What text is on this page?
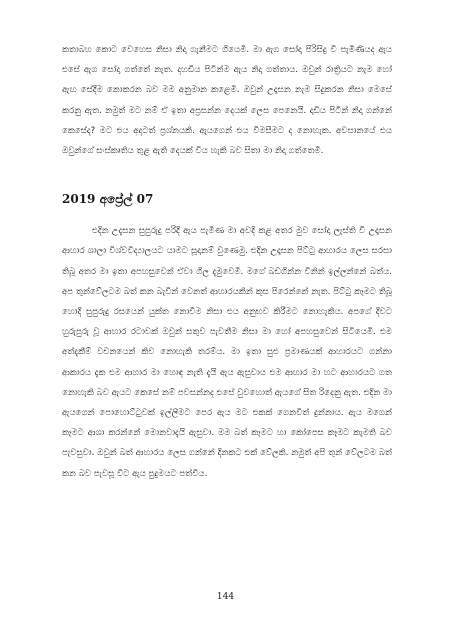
කතාබහ කොට වෙහෙස නිසා නිදා ගැනීමට ගියෙමි. මා ඇග සෝදා පිරිසිදු වී පැමිණියද ඇය එසේ ඇග සෝදා ගත්තේ නැත. දහඩිය පිටින්ම ඇය නිදා ගත්තාය. ඔවුන් රාත්‍රියට නැම හෝ ඇඟ සේදීම නොකරන බව මම අනුමාන කළෙමි. ඔවුන් උදෑසන නැම සිදුකරන නිසා මෙසේ කරනු ඇත. නමුත් මට නම් ඒ ඉතා අප්‍රසන්න දෙයක් ලෙස පෙනෙයි. දාඩිය පිටින් නිදා ගන්නේ කෙසේද? මට එය අදටත් ප්‍රශ්නයකි. ඇයගෙන් එය විමසීමට ද නොහැක. අවසානයේ එය ඔවුන්ගේ සංස්කෘතිය තුළ ඇති දෙයක් විය හැකි බව සිතා මා නිදා ගත්තෙමි.

2019 අප්‍රේල් 07

එදින උදැසන සුපුරුදු පරිදි ඇය පැමිණ මා අවදි කළ අතර මුව සෝදා ලැස්ති වී උදෑසන ආහාර ශාලා විශ්වවිද්‍යාලයට යාමට සූදානම් වුණෙමු. එදින උදෑසන පිට්ටු ආහාරය ලෙස සරසා තිබූ අතර මා ඉතා අපහසුවෙන් ඒවා ගිල දැමුවෙමි. මගේ බඩගින්න විනින් ඉල්ලන්නේ බත්ය. අප තුන්වේලටම බත් කන බැවින් වෙනත් ආහාරයකින් කුස පිරෙන්නේ නැත. පිට්ටු කෑමට තිබූ හොදි සුපුරුදු රසයෙන් යුක්ත නොවීම නිසා එය අනුභව කිරීමට නොහැකිය. අපගේ දිවට හුරුපුරු වූ ආහාර රටාවක් ඔවුන් සතුව පැවතීම නිසා මා හෝ අපහසුවෙන් සිටියෙමි. එම අත්දැකීම් වචනයෙන් කිව නොහැකි තරම්ය. මා ඉතා සුළු ප්‍රමාණයක් ආහාරයට ගන්නා ආකාරය දැක එම ආහාර මා හොඳ නැති දැයි ඇය ඇසුවාය එම ආහාර මා හට ආහාරයට ගත නොහැකි බව ඇයට කෙසේ නම් පවසන්නද එසේ වුවහොත් ඇයගේ සිත රිදෙනු ඇත. එදින මා ඇයගෙන් පොහොට්ටුවක් ඉල්ලීමට පෙර ඇය මට එකක් ගෙනවිත් දුන්නාය. ඇය මගෙන් කෑමට ආශා කරන්නේ මොනවාදැයි ඇසුවා. මම බත් කෑමට හා කෝපෙස කෑමට කැමති බව පැවසුවා. ඔවුන් බත් ආහාරය ලෙස ගන්නේ දිනකට එක් වේලකි. නමුත් අපි තුන් වේලටම බත් කන බව පැවසූ විට ඇය පුදුමයට පත්විය.

144
